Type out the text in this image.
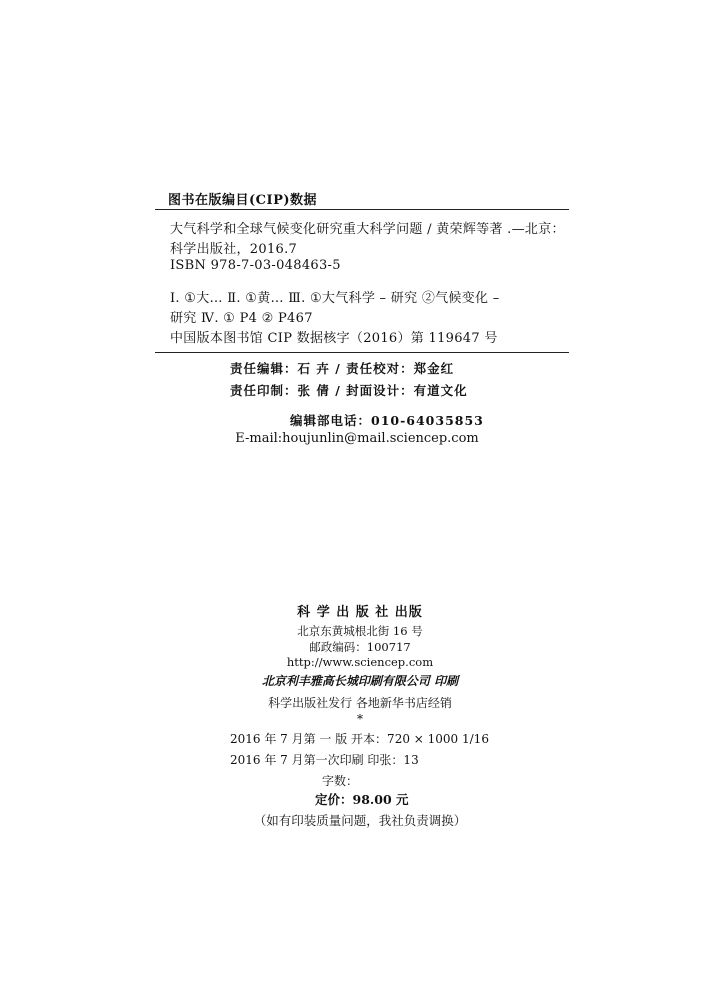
图书在版编目(CIP)数据
大气科学和全球气候变化研究重大科学问题 / 黄荣辉等著 .—北京：
科学出版社，2016.7
ISBN 978-7-03-048463-5
Ⅰ. ①大… Ⅱ. ①黄… Ⅲ. ①大气科学 – 研究 ②气候变化 –
研究 Ⅳ. ① P4 ② P467
中国版本图书馆 CIP 数据核字（2016）第 119647 号
责任编辑：石 卉 / 责任校对：郑金红
责任印制：张 倩 / 封面设计：有道文化
编辑部电话：010-64035853
E-mail:houjunlin@mail.sciencep.com
科 学 出 版 社 出版
北京东黄城根北街 16 号
邮政编码：100717
http://www.sciencep.com
北京利丰雅高长城印刷有限公司 印刷
科学出版社发行 各地新华书店经销
*
2016 年 7 月第 一 版 开本：720 × 1000 1/16
2016 年 7 月第一次印刷 印张：13
字数：
定价：98.00 元
（如有印装质量问题，我社负责调换）
